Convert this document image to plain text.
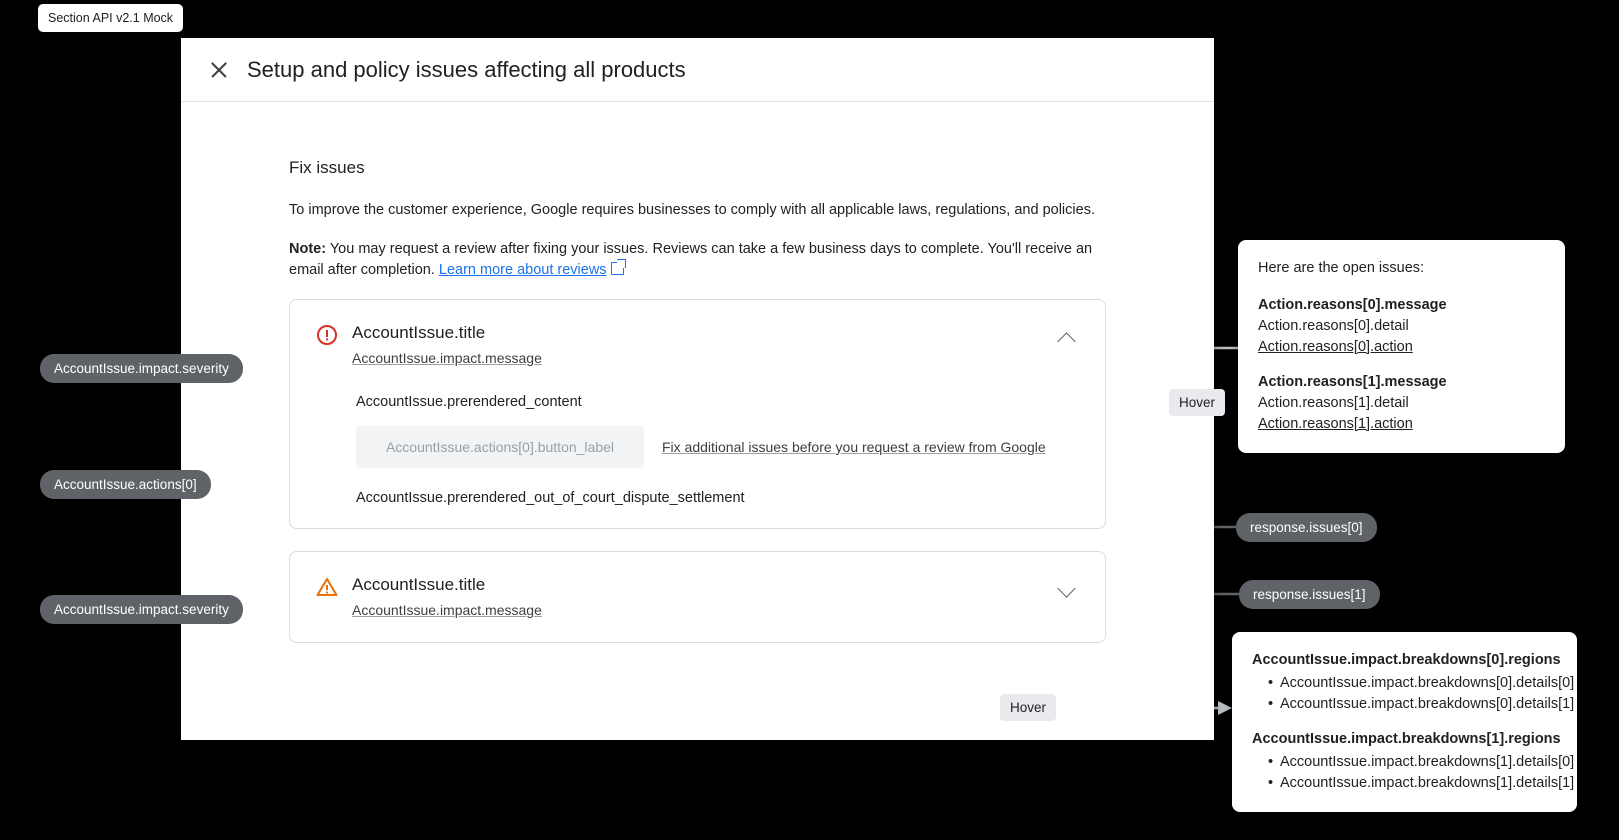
Section API v2.1 Mock
Setup and policy issues affecting all products
Fix issues

To improve the customer experience, Google requires businesses to comply with all applicable laws, regulations, and policies.

Note: You may request a review after fixing your issues. Reviews can take a few business days to complete. You'll receive an email after completion. Learn more about reviews

AccountIssue.title
AccountIssue.impact.message
AccountIssue.prerendered_content
AccountIssue.actions[0].button_label	Fix additional issues before you request a review from Google
AccountIssue.prerendered_out_of_court_dispute_settlement
AccountIssue.title
AccountIssue.impact.message
Here are the open issues:
Action.reasons[0].message
Action.reasons[0].detail
Action.reasons[0].action
Action.reasons[1].message
Action.reasons[1].detail
Action.reasons[1].action
AccountIssue.impact.breakdowns[0].regions
• AccountIssue.impact.breakdowns[0].details[0]
• AccountIssue.impact.breakdowns[0].details[1]
AccountIssue.impact.breakdowns[1].regions
• AccountIssue.impact.breakdowns[1].details[0]
• AccountIssue.impact.breakdowns[1].details[1]
AccountIssue.impact.severity
AccountIssue.actions[0]
AccountIssue.impact.severity
response.issues[0]
response.issues[1]
Hover
Hover
